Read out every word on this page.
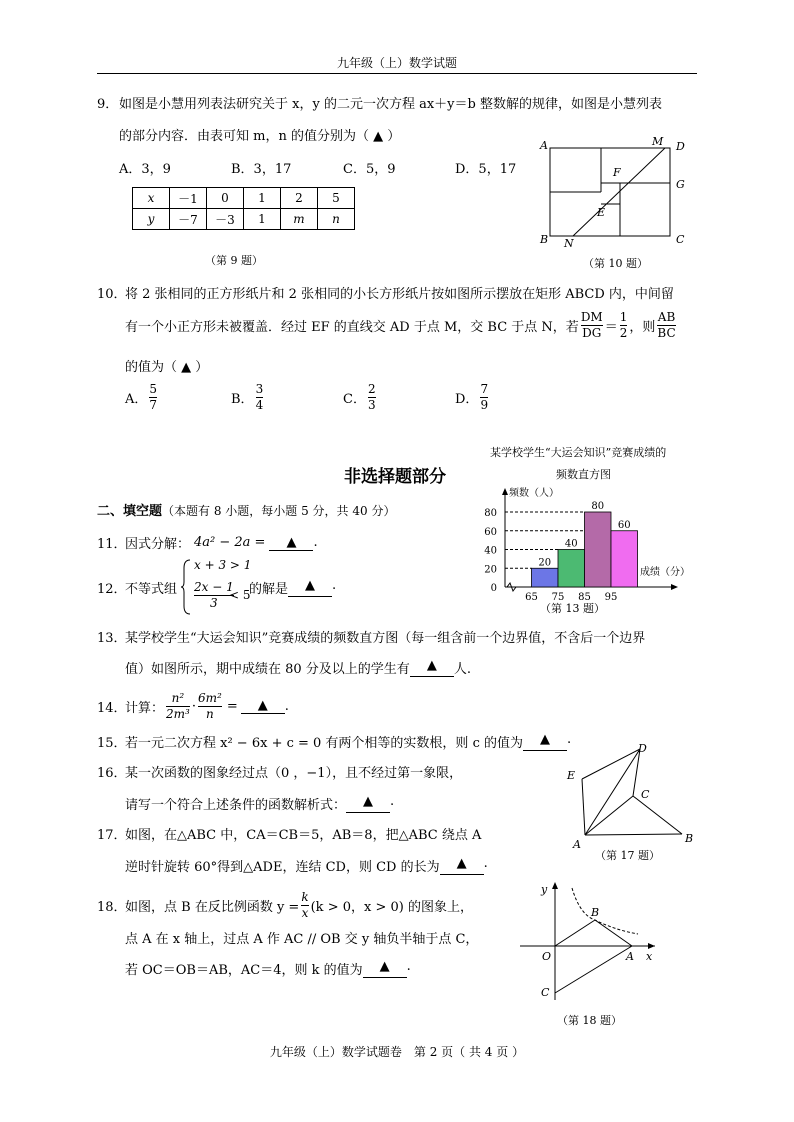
九年级（上）数学试题
9． 如图是小慧用列表法研究关于 x，y 的二元一次方程 ax＋y＝b 整数解的规律，如图是小慧列表
的部分内容．由表可知 m，n 的值分别为（ ▲ ）
A．3，9	B．3，17	C．5，9	D．5，17
x	－1	0	1	2	5
y	－7	－3	1	m	n
（第 9 题）
A	M D
F
G
E
B N	C
（第 10 题）
10．
将 2 张相同的正方形纸片和 2 张相同的小长方形纸片按如图所示摆放在矩形 ABCD 内，中间留
有一个小正方形未被覆盖．经过 EF 的直线交 AD 于点 M，交 BC 于点 N，若 $\frac{DM}{DG} = \frac{1}{2}$ ，则 $\frac{AB}{BC}$
的值为（ ▲ ）
A． $\frac{5}{7}$	B． $\frac{3}{4}$	C． $\frac{2}{3}$	D． $\frac{7}{9}$
非选择题部分
二、填空题（本题有 8 小题，每小题 5 分，共 40 分）
某学校学生“大运会知识”竞赛成绩的
频数直方图
频数（人）
成绩（分）
0
20
40
60
80
20
40
80
60
65 75 85 95
（第 13 题）
11．
因式分解： 4a² − 2a =	▲	.
12．
不等式组
x + 3 > 1
$\frac{2x - 1}{3}$
< 5
的解是	▲	.
13．
某学校学生“大运会知识”竞赛成绩的频数直方图（每一组含前一个边界值，不含后一个边界
值）如图所示，期中成绩在 80 分及以上的学生有	▲	人.
14．
计算： $\frac{\text{n²}}{\text{2m³}} \cdot \frac{\text{6m²}}{n}$ =	▲	.
15．
若一元二次方程 x² − 6x + c = 0 有两个相等的实数根，则 c 的值为	▲	.
16．
某一次函数的图象经过点（0 ，−1），且不经过第一象限，
请写一个符合上述条件的函数解析式：	▲	.
A	B
C
D
E
（第 17 题）
17．
如图，在△ABC 中，CA＝CB＝5，AB＝8，把△ABC 绕点 A
逆时针旋转 60°得到△ADE，连结 CD，则 CD 的长为	▲	.
18．
如图，点 B 在反比例函数 $y = \frac{k}{x} (k > 0$，x > 0) 的图象上，
点 A 在 x 轴上，过点 A 作 AC // OB 交 y 轴负半轴于点 C，
若 OC＝OB＝AB，AC＝4，则 k 的值为	▲	.
y
x
O	A
B
C
（第 18 题）
九年级（上）数学试题卷　第 2 页（ 共 4 页 ）
